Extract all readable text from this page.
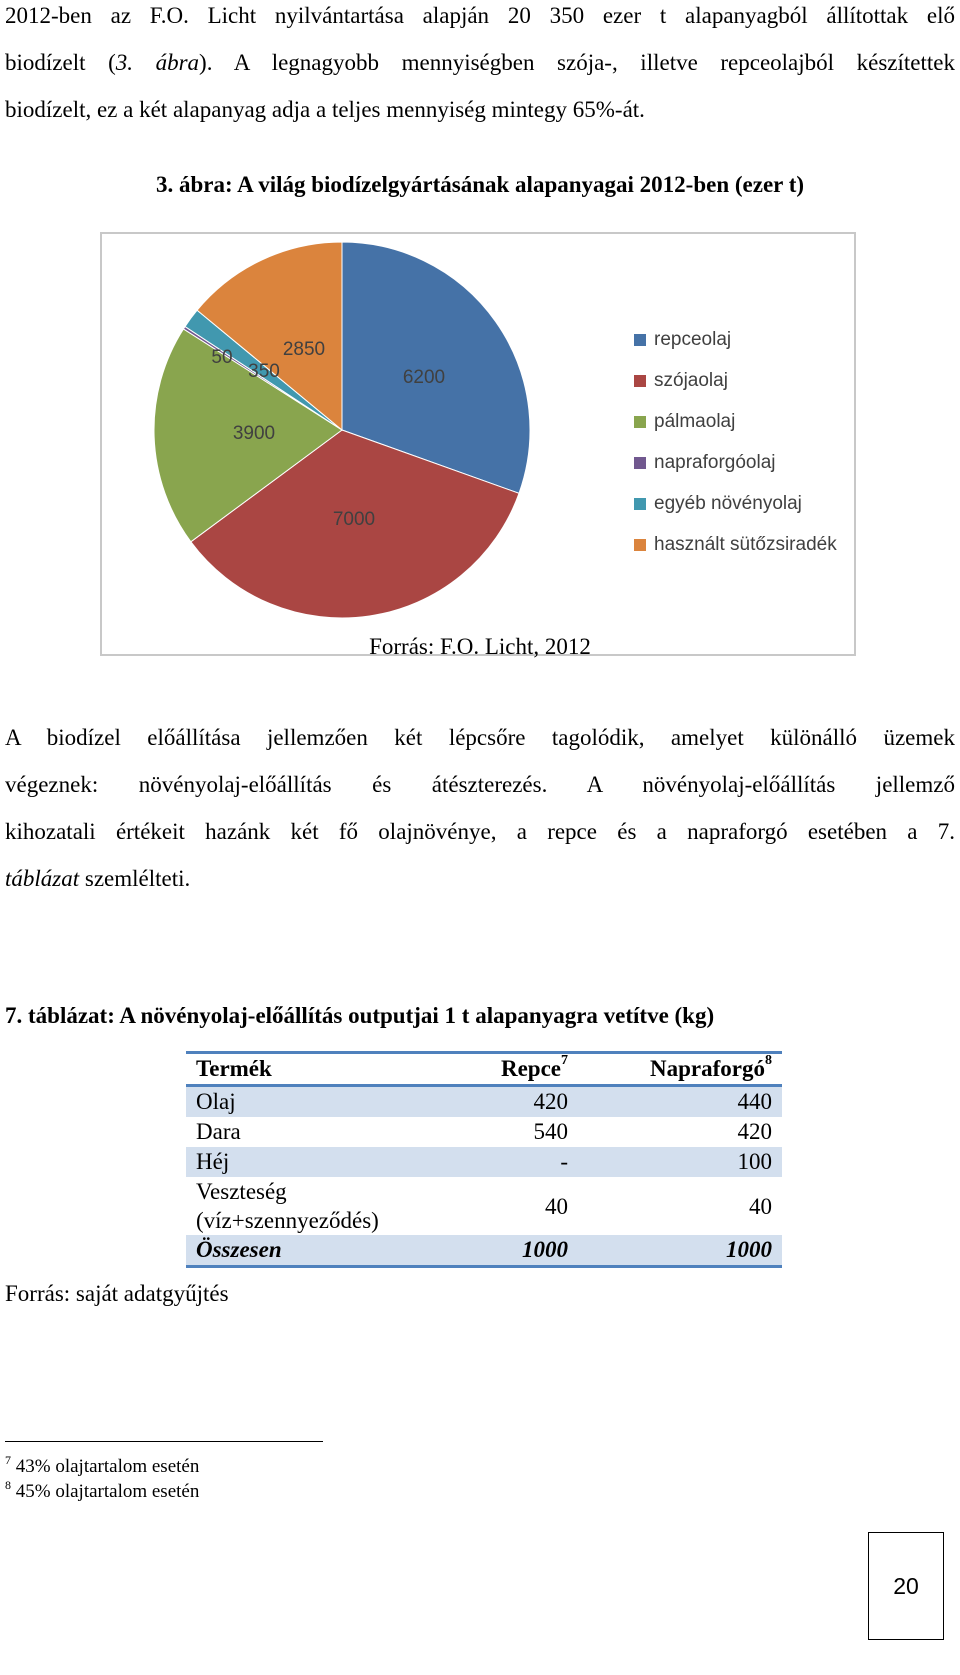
2012-ben az F.O. Licht nyilvántartása alapján 20 350 ezer t alapanyagból állítottak elő
biodízelt (3. ábra). A legnagyobb mennyiségben szója-, illetve repceolajból készítettek
biodízelt, ez a két alapanyag adja a teljes mennyiség mintegy 65%-át.

3. ábra: A világ biodízelgyártásának alapanyagai 2012-ben (ezer t)

6200
7000
3900
50
350
2850	repceolaj
szójaolaj
pálmaolaj
napraforgóolaj
egyéb növényolaj
használt sütőzsiradék

Forrás: F.O. Licht, 2012

A biodízel előállítása jellemzően két lépcsőre tagolódik, amelyet különálló üzemek
végeznek: növényolaj-előállítás és átészterezés. A növényolaj-előállítás jellemző
kihozatali értékeit hazánk két fő olajnövénye, a repce és a napraforgó esetében a 7.
táblázat szemlélteti.

7. táblázat: A növényolaj-előállítás outputjai 1 t alapanyagra vetítve (kg)

Termék	Repce$^7$	Napraforgó$^8$
Olaj	420	440
Dara	540	420
Héj	-	100
Veszteség
(víz+szennyeződés)	40	40
Összesen	1000	1000

Forrás: saját adatgyűjtés

$^7$ 43% olajtartalom esetén

$^8$ 45% olajtartalom esetén

20
